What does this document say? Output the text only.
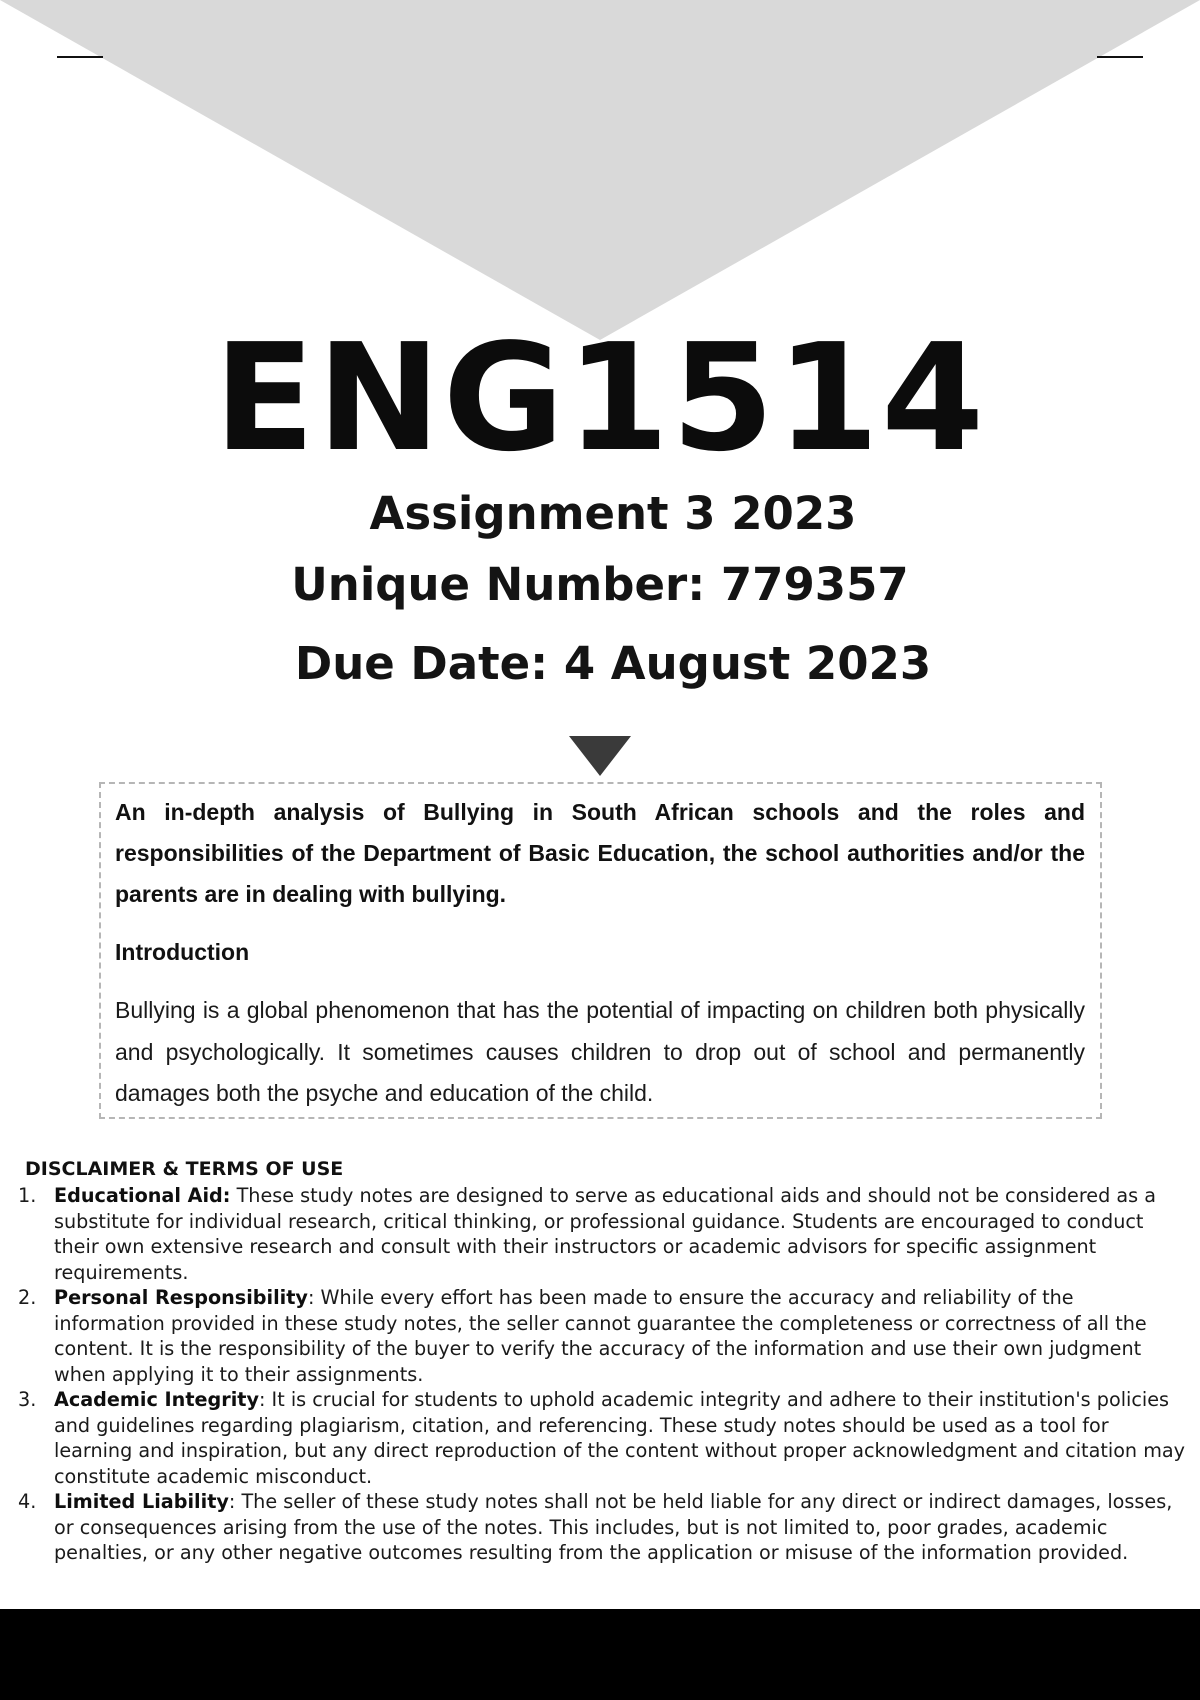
ENG1514

Assignment 3 2023

Unique Number: 779357

Due Date: 4 August 2023

An in-depth analysis of Bullying in South African schools and the roles and responsibilities of the Department of Basic Education, the school authorities and/or the parents are in dealing with bullying.

Introduction

Bullying is a global phenomenon that has the potential of impacting on children both physically and psychologically. It sometimes causes children to drop out of school and permanently damages both the psyche and education of the child.

DISCLAIMER & TERMS OF USE

1. Educational Aid: These study notes are designed to serve as educational aids and should not be considered as a substitute for individual research, critical thinking, or professional guidance. Students are encouraged to conduct their own extensive research and consult with their instructors or academic advisors for specific assignment requirements.
2. Personal Responsibility: While every effort has been made to ensure the accuracy and reliability of the information provided in these study notes, the seller cannot guarantee the completeness or correctness of all the content. It is the responsibility of the buyer to verify the accuracy of the information and use their own judgment when applying it to their assignments.
3. Academic Integrity: It is crucial for students to uphold academic integrity and adhere to their institution's policies and guidelines regarding plagiarism, citation, and referencing. These study notes should be used as a tool for learning and inspiration, but any direct reproduction of the content without proper acknowledgment and citation may constitute academic misconduct.
4. Limited Liability: The seller of these study notes shall not be held liable for any direct or indirect damages, losses, or consequences arising from the use of the notes. This includes, but is not limited to, poor grades, academic penalties, or any other negative outcomes resulting from the application or misuse of the information provided.
